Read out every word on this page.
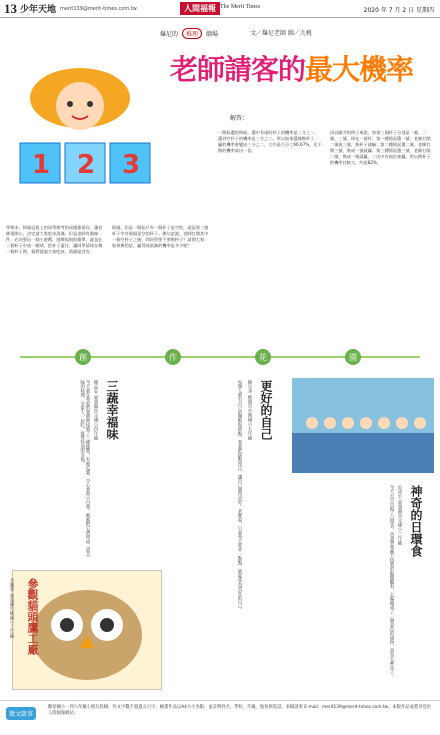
13 少年天地 merit139@merit-times.com.tw	人間福報 The Merit Times	2020 年 7 月 2 日 星期四
爆尼的	推理	劇場	文／爆尼老師 圖／九桃
老師請客的最大機率
解答：
1 2 3
學期末，阿碰這班上的同學期考的成績都很好，讓老師很開心，決定請大家吃冰淇淋。但是老師有個條件，必須要玩一個小遊戲，遊戲規則很簡單，就是在三個杯子中放一顆球，把杯子蓋住，讓同學猜球在哪一個杯子裡，猜對就請大家吃冰，猜錯就沒有。
阿碰，但是一開始只有一個杯子是空的，就是那三個杯子中有兩個是空的杯子。換句話說，老師打開其中一個空杯子之後，問同學要不要換杯子？請問大家：如果換的話，贏得冰淇淋的機率是多少呢？
一開始選的時候，選中有球的杯子的機率是三分之一，選到空杯子的機率是三分之二。所以如果選擇換杯子，贏的機率會變成三分之二，大約是百分之66.67%，比不換的機率高出一倍。
再以剛才的例子來說，如果三個杯子分別是一號、二號、三號，球在一號杯。第一種情況選一號，老師打開二號或三號，換杯子就輸；第二種情況選二號，老師打開三號，換成一號就贏；第三種情況選三號，老師打開二號，換成一號就贏。三次中有兩次會贏，所以換杯子的機率比較大，約是82%。
創	作	花	園
三蔬幸福味
陳品安 嘉義縣崇文國小四年級
今天我在我家的菜園裡採收了三種蔬菜，有地瓜葉、空心菜和小白菜。媽媽把它們炒成三道美味的料理，全家人一起吃，覺得特別的幸福。	更好的自己
陳昱聿 桃園市中興國小五年級
每個人都有自己的優點和缺點，我要把缺點改正，讓自己變得更好。老師說，只要每天進步一點點，就能成為更好的自己。	神奇的日環食
吳沛宏 嘉義縣崇文國小三年級
今天天空出現了日環食，爸爸帶我戴上特製的眼鏡觀看，太陽變成了一個金色的戒指，真是太神奇了！
參觀貓頭鷹工廠
李湘蓉 嘉義縣竹崎國小三年級
徵文啟事
歡迎國小一到六年級小朋友投稿，作文字數不超過五百字，繪畫作品以A4大小為限，並註明姓名、學校、年級、地址與電話。來稿請寄 E-mail：merit139@merit-times.com.tw。本版作品並將刊登於人間福報網站。
